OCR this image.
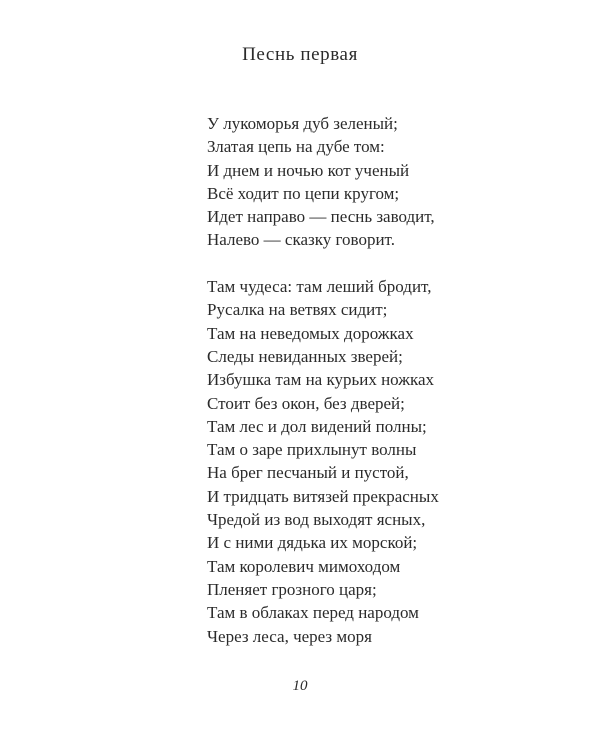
Песнь первая

У лукоморья дуб зеленый;
Златая цепь на дубе том:
И днем и ночью кот ученый
Всё ходит по цепи кругом;
Идет направо — песнь заводит,
Налево — сказку говорит.

Там чудеса: там леший бродит,
Русалка на ветвях сидит;
Там на неведомых дорожках
Следы невиданных зверей;
Избушка там на курьих ножках
Стоит без окон, без дверей;
Там лес и дол видений полны;
Там о заре прихлынут волны
На брег песчаный и пустой,
И тридцать витязей прекрасных
Чредой из вод выходят ясных,
И с ними дядька их морской;
Там королевич мимоходом
Пленяет грозного царя;
Там в облаках перед народом
Через леса, через моря

10
